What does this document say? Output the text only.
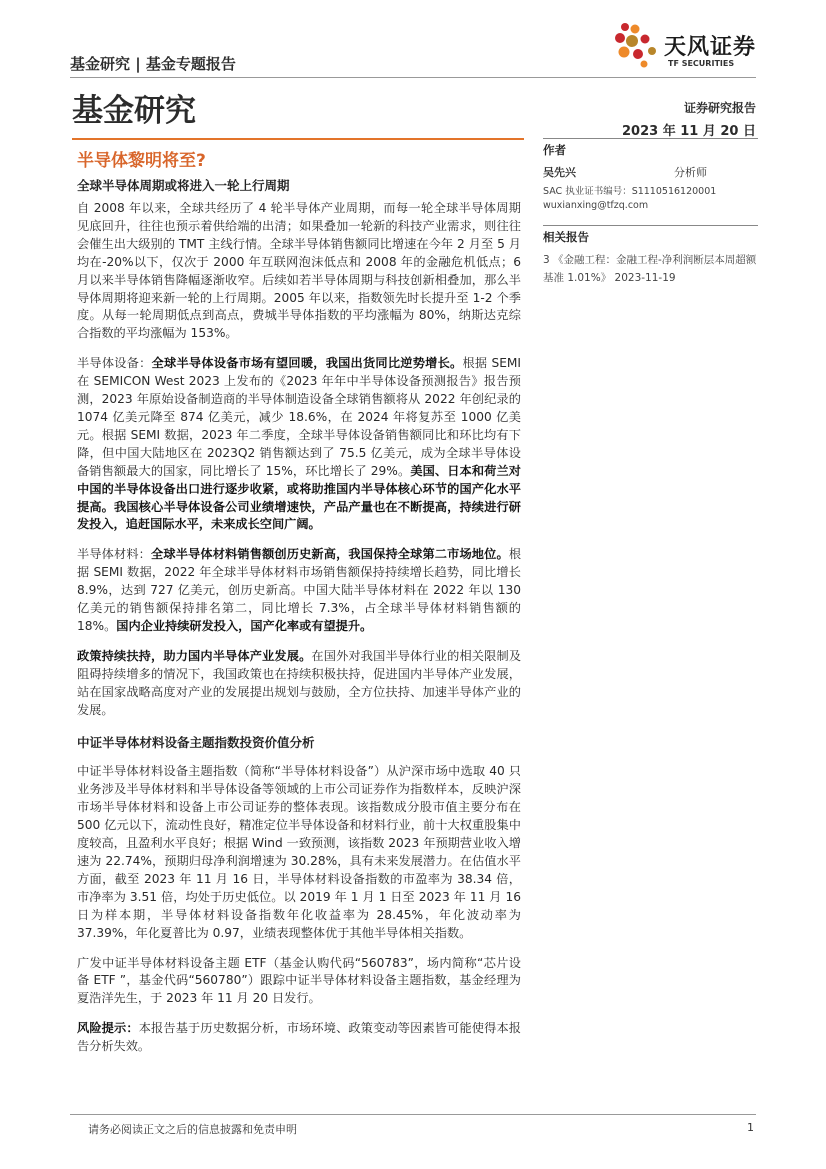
基金研究 | 基金专题报告
天风证券
TF SECURITIES
基金研究	证券研究报告
2023 年 11 月 20 日
半导体黎明将至?
全球半导体周期或将进入一轮上行周期

自 2008 年以来，全球共经历了 4 轮半导体产业周期，而每一轮全球半导体周期见底回升，往往也预示着供给端的出清；如果叠加一轮新的科技产业需求，则往往会催生出大级别的 TMT 主线行情。全球半导体销售额同比增速在今年 2 月至 5 月均在-20%以下，仅次于 2000 年互联网泡沫低点和 2008 年的金融危机低点；6 月以来半导体销售降幅逐渐收窄。后续如若半导体周期与科技创新相叠加，那么半导体周期将迎来新一轮的上行周期。2005 年以来，指数领先时长提升至 1-2 个季度。从每一轮周期低点到高点，费城半导体指数的平均涨幅为 80%，纳斯达克综合指数的平均涨幅为 153%。

半导体设备：全球半导体设备市场有望回暖，我国出货同比逆势增长。根据 SEMI 在 SEMICON West 2023 上发布的《2023 年年中半导体设备预测报告》报告预测，2023 年原始设备制造商的半导体制造设备全球销售额将从 2022 年创纪录的 1074 亿美元降至 874 亿美元，减少 18.6%，在 2024 年将复苏至 1000 亿美元。根据 SEMI 数据，2023 年二季度，全球半导体设备销售额同比和环比均有下降，但中国大陆地区在 2023Q2 销售额达到了 75.5 亿美元，成为全球半导体设备销售额最大的国家，同比增长了 15%，环比增长了 29%。美国、日本和荷兰对中国的半导体设备出口进行逐步收紧，或将助推国内半导体核心环节的国产化水平提高。我国核心半导体设备公司业绩增速快，产品产量也在不断提高，持续进行研发投入，追赶国际水平，未来成长空间广阔。

半导体材料：全球半导体材料销售额创历史新高，我国保持全球第二市场地位。根据 SEMI 数据，2022 年全球半导体材料市场销售额保持持续增长趋势，同比增长 8.9%，达到 727 亿美元，创历史新高。中国大陆半导体材料在 2022 年以 130 亿美元的销售额保持排名第二，同比增长 7.3%，占全球半导体材料销售额的 18%。国内企业持续研发投入，国产化率或有望提升。

政策持续扶持，助力国内半导体产业发展。在国外对我国半导体行业的相关限制及阻碍持续增多的情况下，我国政策也在持续积极扶持，促进国内半导体产业发展，站在国家战略高度对产业的发展提出规划与鼓励，全方位扶持、加速半导体产业的发展。

中证半导体材料设备主题指数投资价值分析

中证半导体材料设备主题指数（简称“半导体材料设备”）从沪深市场中选取 40 只业务涉及半导体材料和半导体设备等领域的上市公司证券作为指数样本，反映沪深市场半导体材料和设备上市公司证券的整体表现。该指数成分股市值主要分布在 500 亿元以下，流动性良好，精准定位半导体设备和材料行业，前十大权重股集中度较高，且盈利水平良好；根据 Wind 一致预测，该指数 2023 年预期营业收入增速为 22.74%，预期归母净利润增速为 30.28%，具有未来发展潜力。在估值水平方面，截至 2023 年 11 月 16 日，半导体材料设备指数的市盈率为 38.34 倍，市净率为 3.51 倍，均处于历史低位。以 2019 年 1 月 1 日至 2023 年 11 月 16 日为样本期，半导体材料设备指数年化收益率为 28.45%，年化波动率为 37.39%，年化夏普比为 0.97，业绩表现整体优于其他半导体相关指数。

广发中证半导体材料设备主题 ETF（基金认购代码“560783”，场内简称“芯片设备 ETF ”，基金代码“560780”）跟踪中证半导体材料设备主题指数，基金经理为夏浩洋先生，于 2023 年 11 月 20 日发行。

风险提示：本报告基于历史数据分析，市场环境、政策变动等因素皆可能使得本报告分析失效。

作者
吴先兴	分析师
SAC 执业证书编号：S1110516120001
wuxianxing@tfzq.com
相关报告
3 《金融工程：金融工程-净利润断层本周超额基准 1.01%》 2023-11-19
请务必阅读正文之后的信息披露和免责申明	1
